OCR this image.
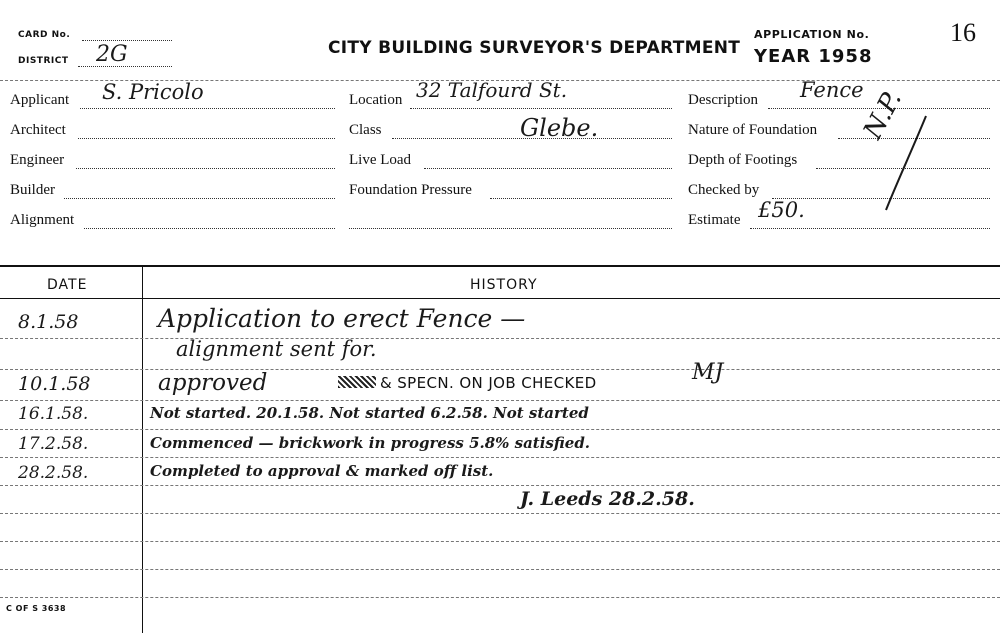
CARD No.
DISTRICT 2G	CITY BUILDING SURVEYOR'S DEPARTMENT
APPLICATION No.
YEAR 1958
16
Applicant S. Pricolo
Architect
Engineer
Builder
Alignment
Location 32 Talfourd St.
Class	Glebe.
Live Load
Foundation Pressure
Description Fence
Nature of Foundation
Depth of Footings
Checked by
Estimate £50.
N.P.
DATE	HISTORY
8.1.58	Application to erect Fence —
alignment sent for.
10.1.58	approved	& SPECN. ON JOB CHECKED	MJ
16.1.58.	Not started. 20.1.58. Not started 6.2.58. Not started
17.2.58.	Commenced — brickwork in progress 5.8% satisfied.
28.2.58.	Completed to approval & marked off list.
J. Leeds 28.2.58.
C OF S 3638
